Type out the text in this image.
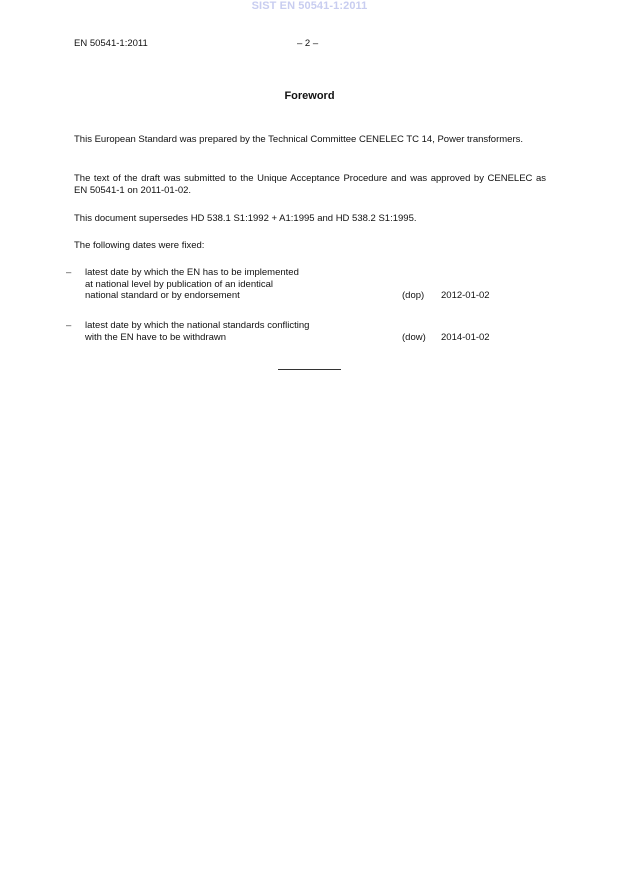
SIST EN 50541-1:2011
EN 50541-1:2011	– 2 –
Foreword

This European Standard was prepared by the Technical Committee CENELEC TC 14, Power transformers.

The text of the draft was submitted to the Unique Acceptance Procedure and was approved by CENELEC as EN 50541-1 on 2011-01-02.

This document supersedes HD 538.1 S1:1992 + A1:1995 and HD 538.2 S1:1995.

The following dates were fixed:

– latest date by which the EN has to be implemented
at national level by publication of an identical
national standard or by endorsement	(dop) 2012-01-02
– latest date by which the national standards conflicting
with the EN have to be withdrawn	(dow) 2014-01-02
